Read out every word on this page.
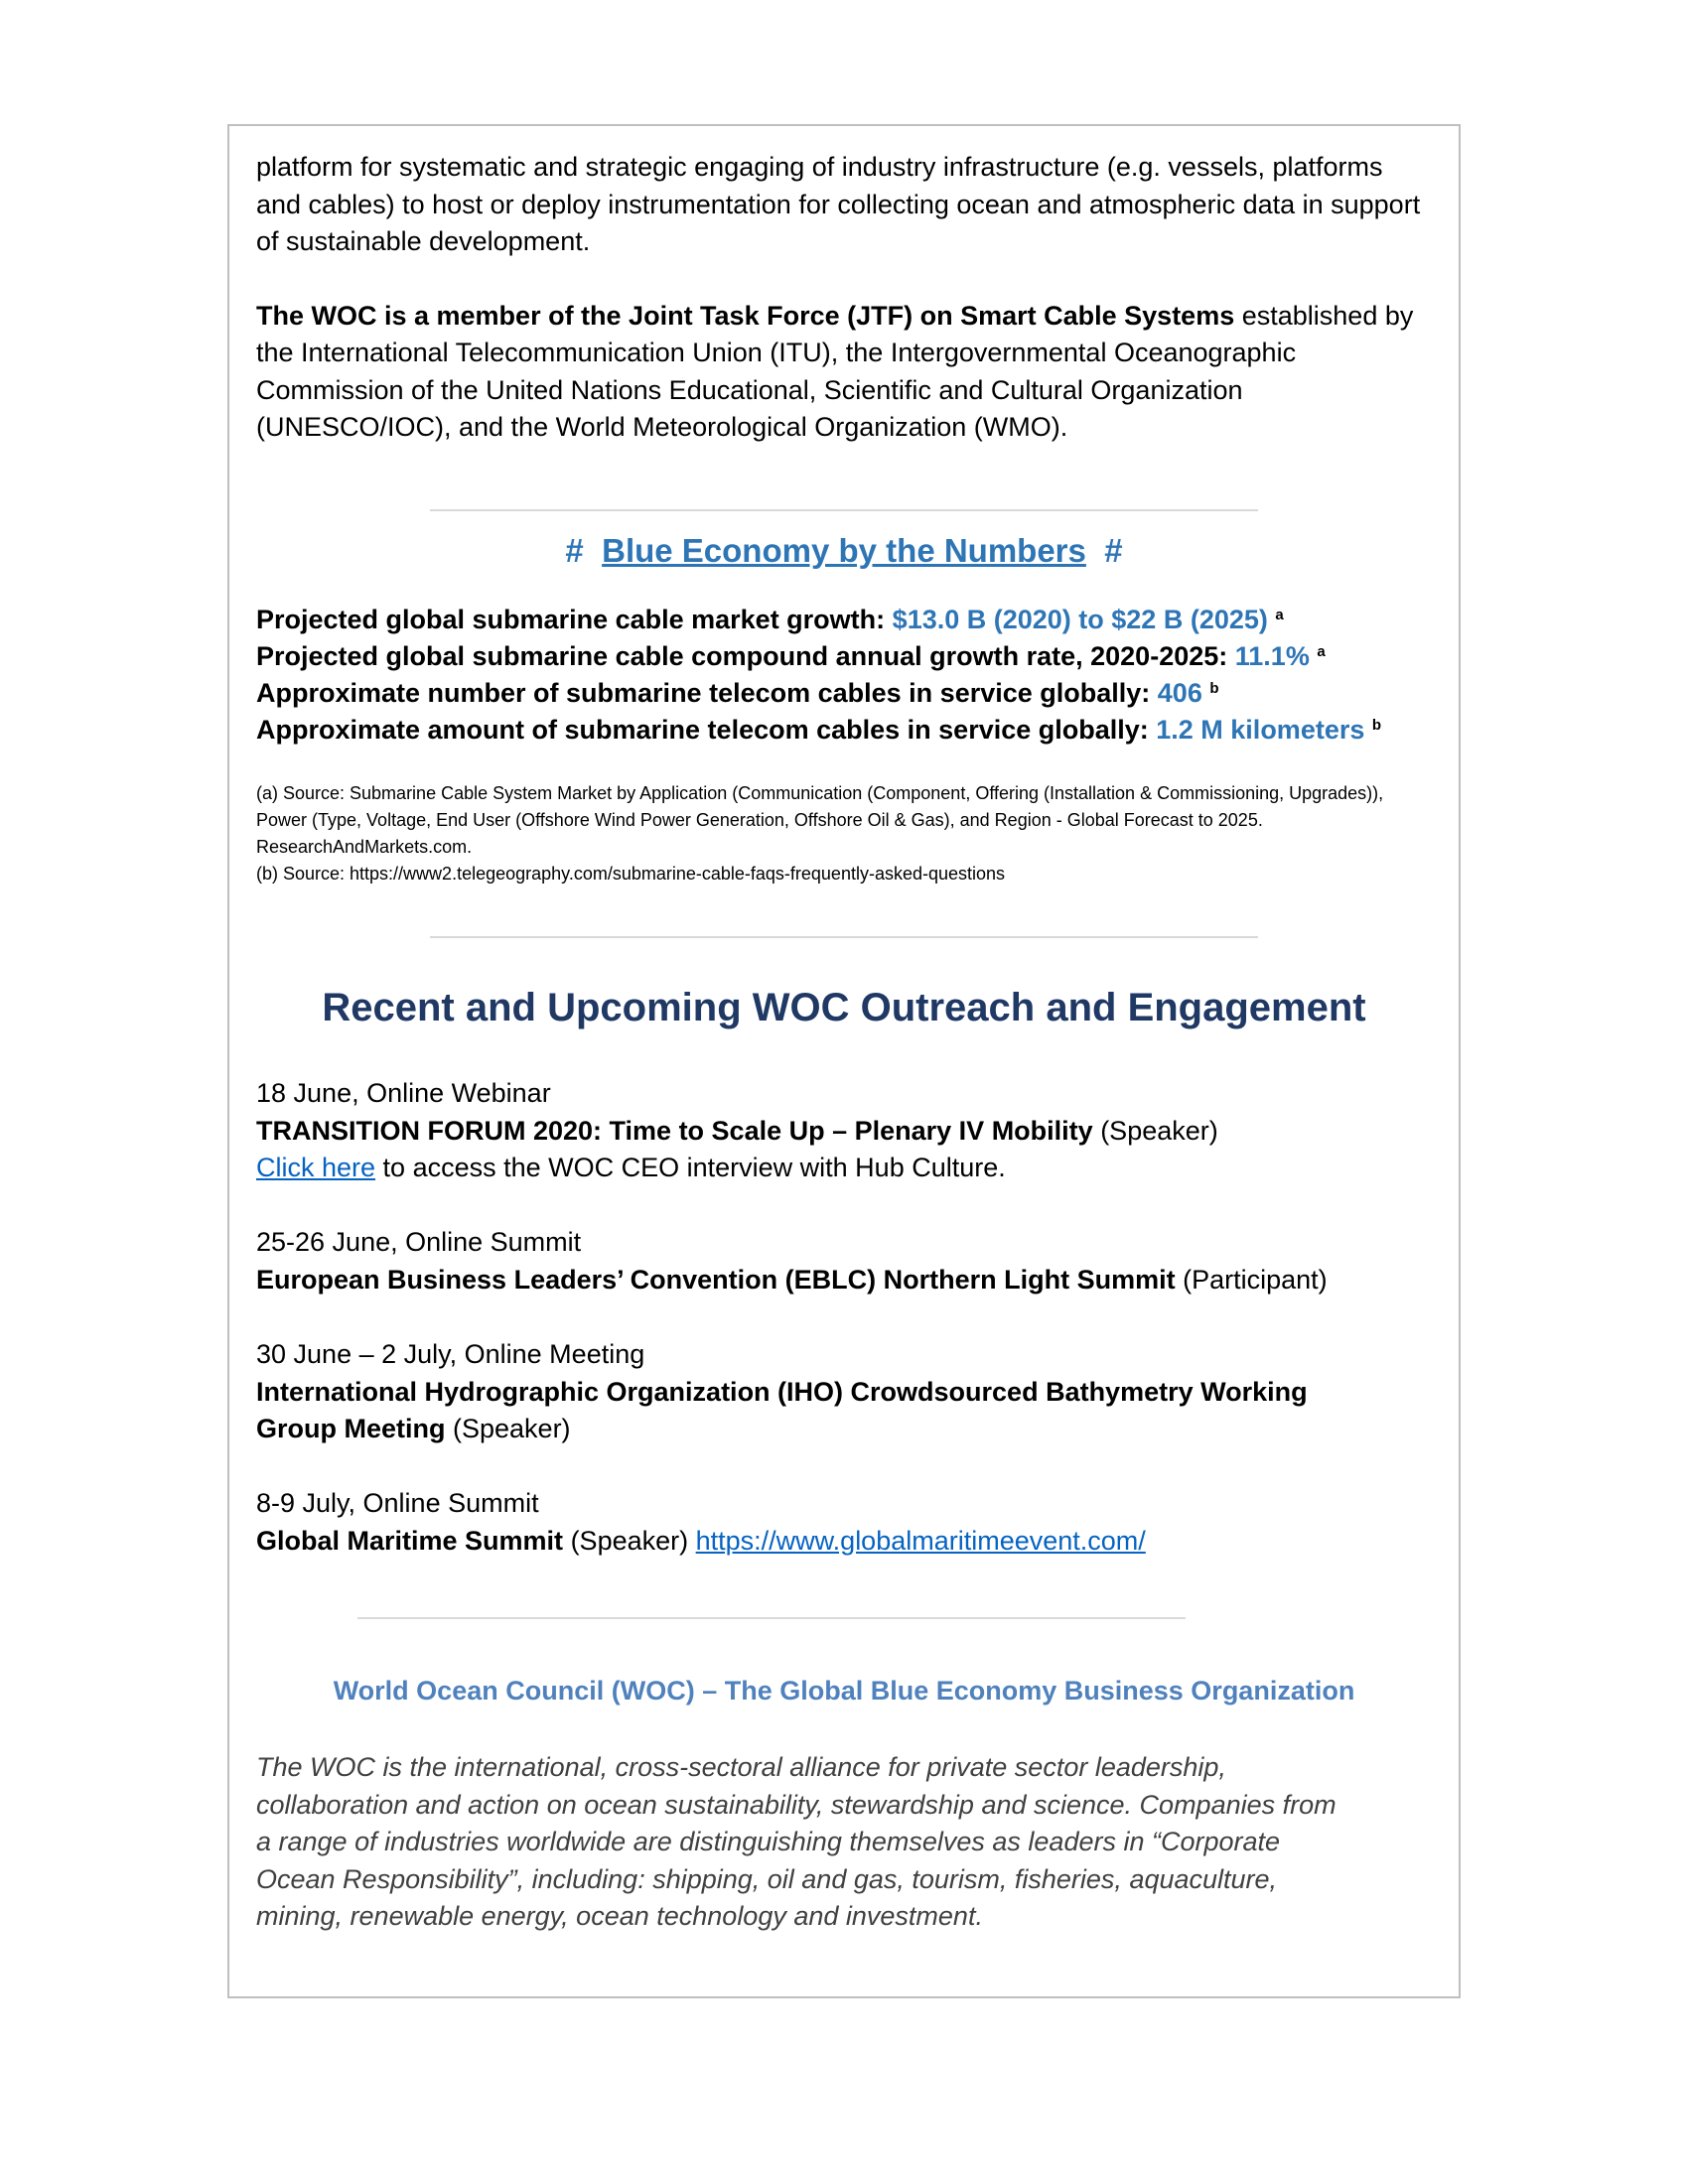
platform for systematic and strategic engaging of industry infrastructure (e.g. vessels, platforms and cables) to host or deploy instrumentation for collecting ocean and atmospheric data in support of sustainable development.

The WOC is a member of the Joint Task Force (JTF) on Smart Cable Systems established by the International Telecommunication Union (ITU), the Intergovernmental Oceanographic Commission of the United Nations Educational, Scientific and Cultural Organization (UNESCO/IOC), and the World Meteorological Organization (WMO).

# Blue Economy by the Numbers #
Projected global submarine cable market growth: $13.0 B (2020) to $22 B (2025) $^a$
Projected global submarine cable compound annual growth rate, 2020-2025: 11.1% $^a$
Approximate number of submarine telecom cables in service globally: 406 $^b$
Approximate amount of submarine telecom cables in service globally: 1.2 M kilometers $^b$

(a) Source: Submarine Cable System Market by Application (Communication (Component, Offering (Installation & Commissioning, Upgrades)), Power (Type, Voltage, End User (Offshore Wind Power Generation, Offshore Oil & Gas), and Region - Global Forecast to 2025. ResearchAndMarkets.com.

(b) Source: https://www2.telegeography.com/submarine-cable-faqs-frequently-asked-questions

Recent and Upcoming WOC Outreach and Engagement
18 June, Online Webinar
TRANSITION FORUM 2020: Time to Scale Up – Plenary IV Mobility (Speaker)
Click here to access the WOC CEO interview with Hub Culture.
25-26 June, Online Summit
European Business Leaders’ Convention (EBLC) Northern Light Summit (Participant)
30 June – 2 July, Online Meeting
International Hydrographic Organization (IHO) Crowdsourced Bathymetry Working Group Meeting (Speaker)
8-9 July, Online Summit
Global Maritime Summit (Speaker) https://www.globalmaritimeevent.com/
World Ocean Council (WOC) – The Global Blue Economy Business Organization

The WOC is the international, cross-sectoral alliance for private sector leadership, collaboration and action on ocean sustainability, stewardship and science. Companies from a range of industries worldwide are distinguishing themselves as leaders in “Corporate Ocean Responsibility”, including: shipping, oil and gas, tourism, fisheries, aquaculture, mining, renewable energy, ocean technology and investment.
